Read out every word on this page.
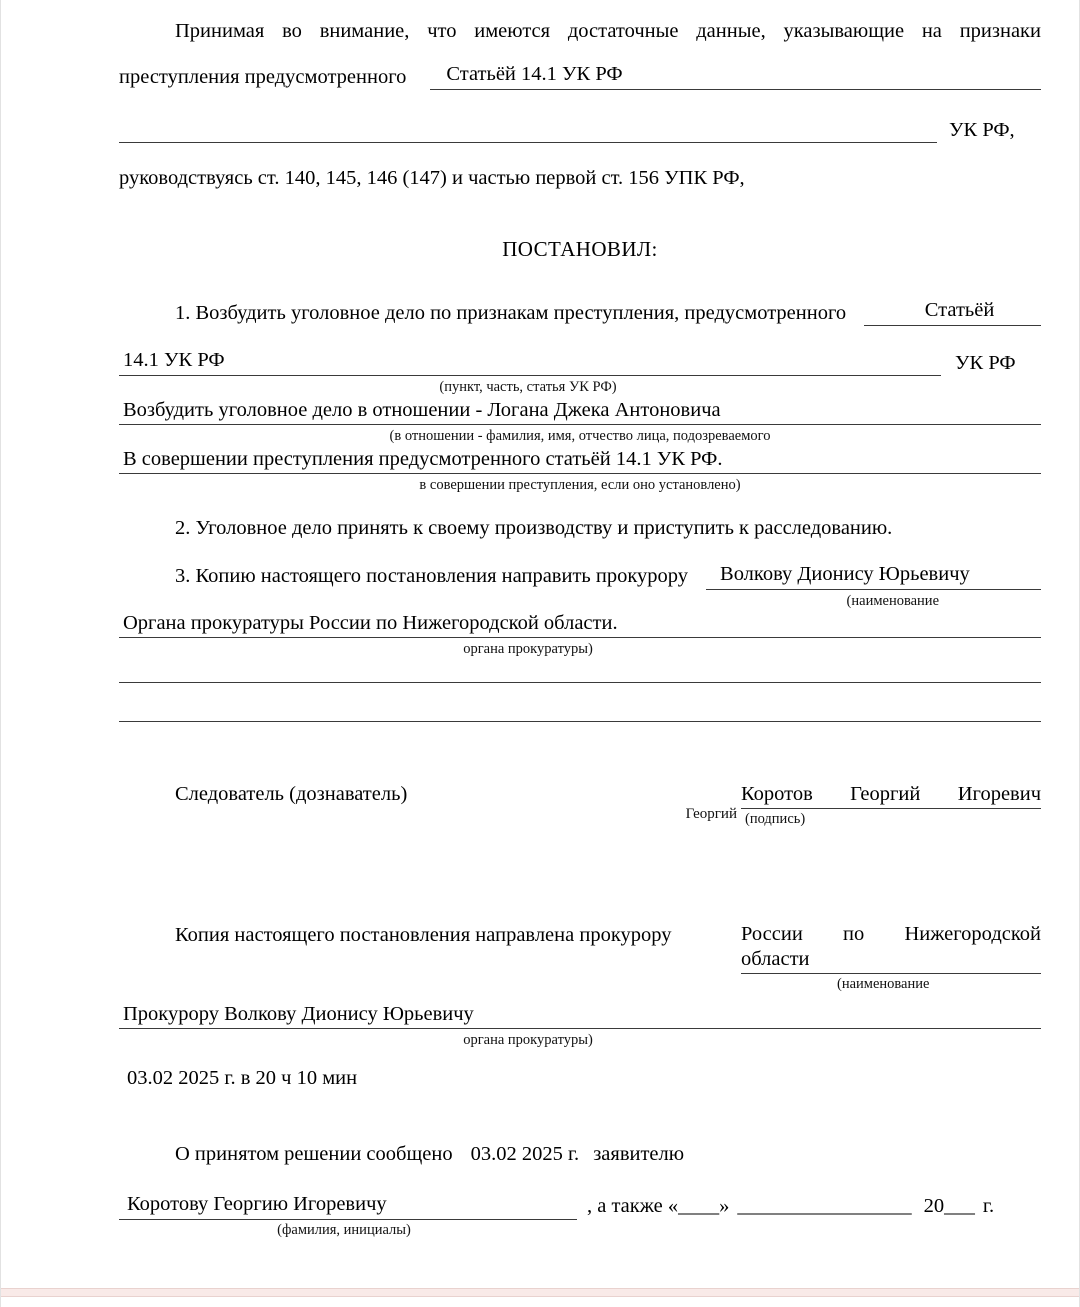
Принимая во внимание, что имеются достаточные данные, указывающие на признаки
преступления предусмотренного	Статьёй 14.1 УК РФ
УК РФ,
руководствуясь ст. 140, 145, 146 (147) и частью первой ст. 156 УПК РФ,
ПОСТАНОВИЛ:
1. Возбудить уголовное дело по признакам преступления, предусмотренного	Статьёй
14.1 УК РФ	УК РФ
(пункт, часть, статья УК РФ)
Возбудить уголовное дело в отношении - Логана Джека Антоновича
(в отношении - фамилия, имя, отчество лица, подозреваемого
В совершении преступления предусмотренного статьёй 14.1 УК РФ.
в совершении преступления, если оно установлено)
2. Уголовное дело принять к своему производству и приступить к расследованию.
3. Копию настоящего постановления направить прокурору	Волкову Дионису Юрьевичу
(наименование
Органа прокуратуры России по Нижегородской области.
органа прокуратуры)
Следователь (дознаватель)	Коротов Георгий Игоревич
(подпись)
Георгий
Копия настоящего постановления направлена прокурору	России по Нижегородской области
(наименование
Прокурору Волкову Дионису Юрьевичу
органа прокуратуры)
03.02 2025 г. в 20 ч 10 мин
О принятом решении сообщено 03.02 2025 г. заявителю
Коротову Георгию Игоревичу	, а также « ____ » _________________ 20 ___ г.
(фамилия, инициалы)
